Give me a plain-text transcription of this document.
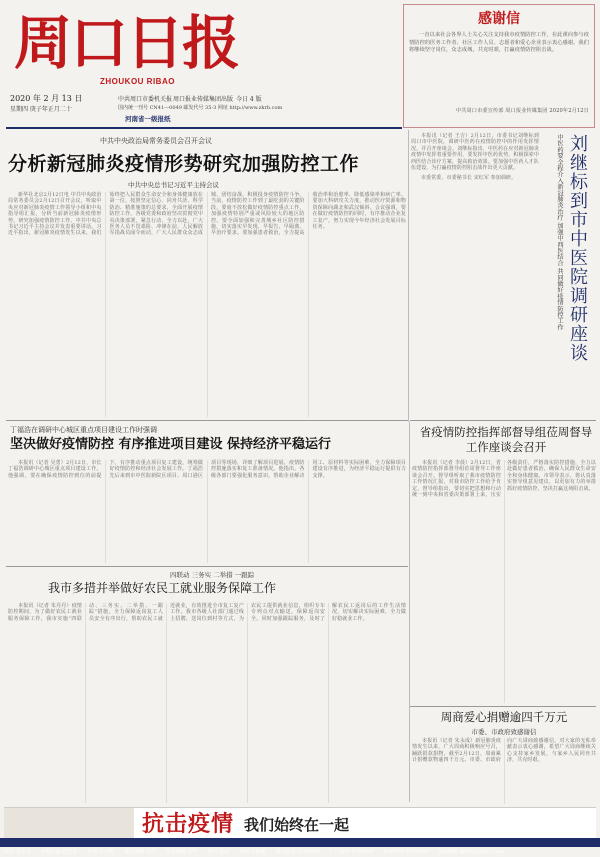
周口日报
ZHOUKOU RIBAO
2020 年 2 月 13 日
星期四 庚子年正月二十
中共周口市委机关报 周口报业传媒集团出版 今日 4 版
国内统一刊号 CN41—0049 邮发代号 35-3 网址 http://www.zkrb.com
河南省一级报纸
感谢信
一直以来社会各界人士关心关注支持我市疫情防控工作，在此谨向参与疫情防控的医务工作者、社区工作人员、志愿者和爱心企业表示衷心感谢。我们将继续坚守岗位，众志成城，共克时艰，打赢疫情防控阻击战。
中共周口市委宣传部 周口报业传媒集团 2020年2月12日
中共中央政治局常务委员会召开会议
分析新冠肺炎疫情形势研究加强防控工作
中共中央总书记习近平主持会议

新华社北京2月12日电 中共中央政治局常务委员会2月12日召开会议，听取中央应对新冠肺炎疫情工作领导小组和中央指导组汇报，分析当前新冠肺炎疫情形势，研究加强疫情防控工作。中共中央总书记习近平主持会议并发表重要讲话。习近平指出，新冠肺炎疫情发生以来，我们始终把人民群众生命安全和身体健康放在第一位，按照坚定信心、同舟共济、科学防治、精准施策的总要求，全面开展疫情防控工作。各级党委和政府坚决贯彻党中央决策部署，紧急行动、全力以赴，广大医务人员不畏艰险、冲锋在前，人民解放军指战员闻令而动，广大人民群众众志成城、团结奋战，积极投身疫情防控斗争。当前，疫情防控工作到了最吃劲的关键阶段，要毫不放松做好疫情防控重点工作，加强疫情特别严重或风险较大的地区防控。要全面加强和完善城乡社区防控措施，切实落实早发现、早报告、早隔离、早治疗要求。要加强患者救治，全力提高收治率和治愈率、降低感染率和病亡率。要加大科研攻关力度，推动医疗资源和物资保障向湖北和武汉倾斜。会议强调，要在做好疫情防控的同时，有序推动企业复工复产，努力实现今年经济社会发展目标任务。

本报讯（记者 王吉）2月12日，市委书记刘继标到周口市中医院，调研中医药在疫情防控中的作用发挥情况，并召开座谈会。刘继标指出，中医药在应对新冠肺炎疫情中发挥着重要作用，要发挥中医药优势，积极探索中西医结合诊疗方案，提高救治效果。要加强中医药人才队伍建设，为打赢疫情防控阻击战作出更大贡献。

市委常委、市委秘书长 宋红军 参加调研。	刘继标到市中医院调研座谈
中医药要全程介入新冠肺炎治疗 加强中西医结合 共同做好疫情防控工作
丁福浩在调研中心城区重点项目建设工作时强调
坚决做好疫情防控 有序推进项目建设 保持经济平稳运行

本报讯（记者 吴勇）2月12日，市长丁福浩调研中心城区重点项目建设工作。他强调，要在确保疫情防控到位的前提下，有序推动重点项目复工建设，统筹做好疫情防控和经济社会发展工作。丁福浩先后来到市中医院新院区项目、周口港区项目等现场，详细了解项目进展、疫情防控措施落实和复工准备情况。他指出，各级各部门要强化服务意识，帮助企业解决用工、原材料等实际困难，全力保障项目建设有序推进，为经济平稳运行提供有力支撑。

省疫情防控指挥部督导组莅周督导工作座谈会召开

本报讯（记者 李晨）2月12日，省疫情防控指挥部督导组莅周督导工作座谈会召开。督导组听取了我市疫情防控工作情况汇报，对我市防控工作给予肯定。督导组指出，要切实把思想和行动统一到中央和省委决策部署上来，压实各级责任，严格落实防控措施，全力以赴做好患者救治，确保人民群众生命安全和身体健康。市领导表示，将认真落实督导组意见建议，以更加有力的举措抓好疫情防控，坚决打赢这场阻击战。

四联动 三务实 二举措 一跟踪
我市多措并举做好农民工就业服务保障工作

本报讯（记者 朱丹丹）疫情防控期间，为了做好农民工就业服务保障工作，我市实施“四联动、三务实、二举措、一跟踪”措施，全力保障返岗复工人员安全有序出行，帮助农民工就近就业，有效推进全市复工复产工作。我市各级人社部门通过线上招聘、送岗位到村等方式，为农民工提供就业信息，组织专车专列点对点输送，保障返岗安全。同时加强跟踪服务，及时了解农民工返岗后的工作生活情况，切实解决实际困难，全力做好稳就业工作。

周商爱心捐赠逾四千万元
市委、市政府致感谢信

本报讯（记者 朱永成）新冠肺炎疫情发生以来，广大周商积极响应号召，踊跃捐款捐物，截至2月12日，周商累计捐赠款物逾四千万元。市委、市政府向广大周商致感谢信，对大家的无私奉献表示衷心感谢，希望广大周商继续关心支持家乡发展，与家乡人民同舟共济，共克时艰。

抗击疫情 我们始终在一起
社长 王彦忠 本期总编 赵于龙 审改 王子辉 责任编辑 宋丹 组版编辑 吴华 校对 郑丽 美编 王丽娟 发行服务 8234300 广告服务 6190066 新闻热线 6029999 投稿邮箱 zkrbgp@126.com
